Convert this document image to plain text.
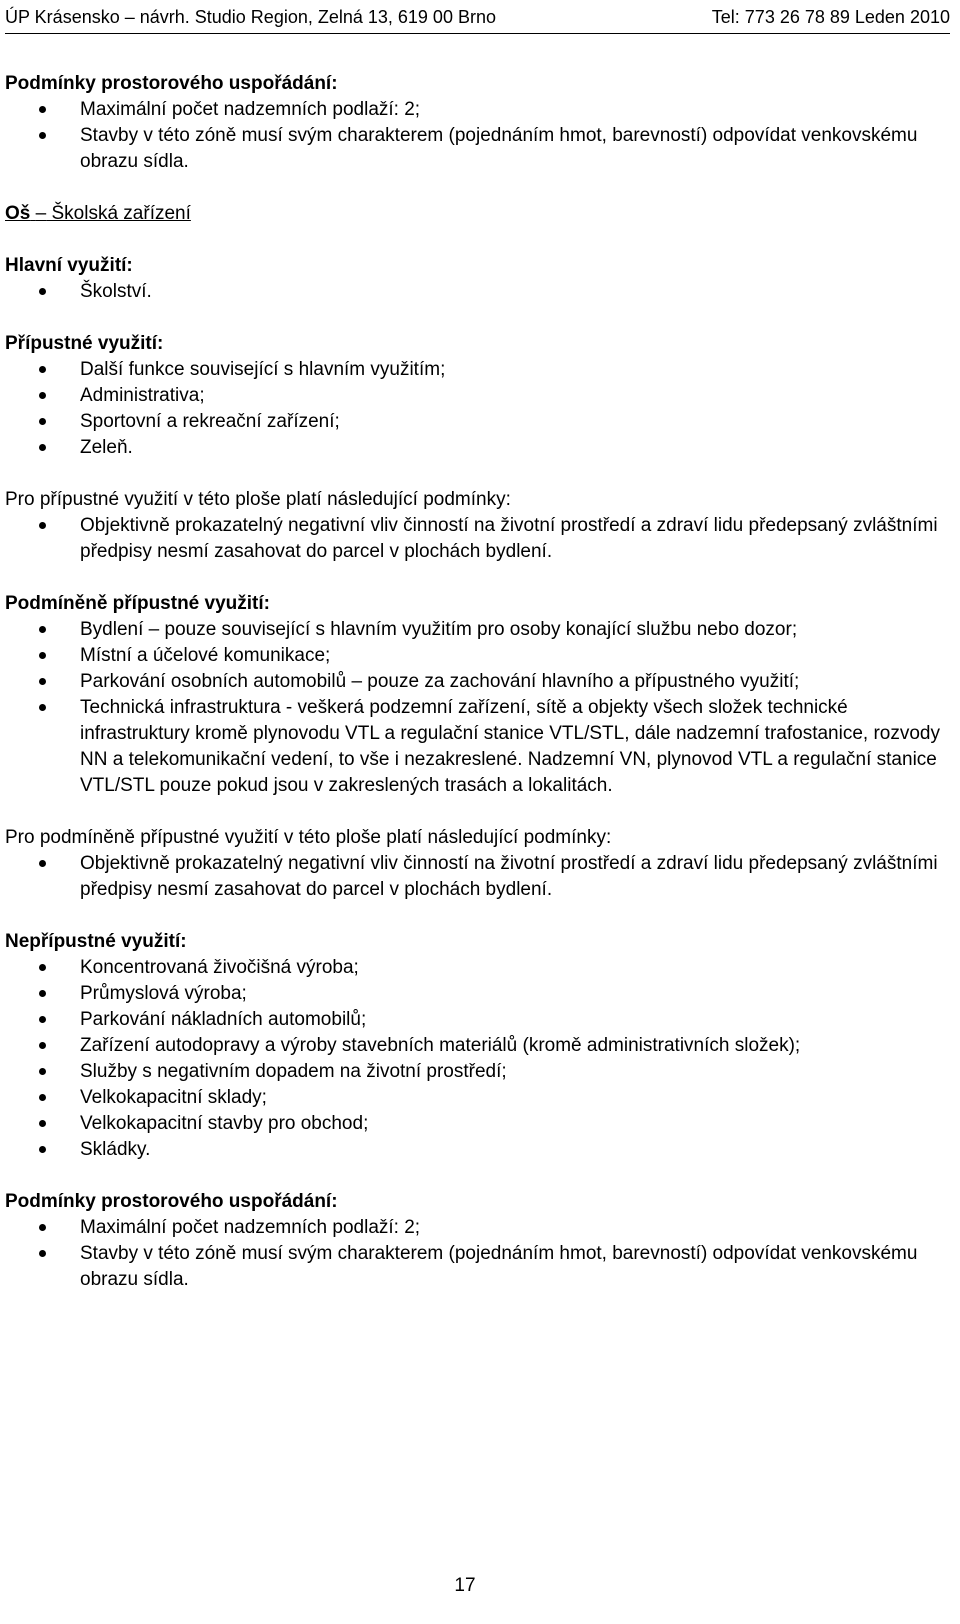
ÚP Krásensko – návrh. Studio Region, Zelná 13, 619 00 Brno	Tel: 773 26 78 89 Leden 2010

Podmínky prostorového uspořádání:

Maximální počet nadzemních podlaží: 2;
Stavby v této zóně musí svým charakterem (pojednáním hmot, barevností) odpovídat venkovskému obrazu sídla.

Oš – Školská zařízení

Hlavní využití:

Školství.

Přípustné využití:

Další funkce související s hlavním využitím;
Administrativa;
Sportovní a rekreační zařízení;
Zeleň.

Pro přípustné využití v této ploše platí následující podmínky:

Objektivně prokazatelný negativní vliv činností na životní prostředí a zdraví lidu předepsaný zvláštními předpisy nesmí zasahovat do parcel v plochách bydlení.

Podmíněně přípustné využití:

Bydlení – pouze související s hlavním využitím pro osoby konající službu nebo dozor;
Místní a účelové komunikace;
Parkování osobních automobilů – pouze za zachování hlavního a přípustného využití;
Technická infrastruktura - veškerá podzemní zařízení, sítě a objekty všech složek technické infrastruktury kromě plynovodu VTL a regulační stanice VTL/STL, dále nadzemní trafostanice, rozvody NN a telekomunikační vedení, to vše i nezakreslené. Nadzemní VN, plynovod VTL a regulační stanice VTL/STL pouze pokud jsou v zakreslených trasách a lokalitách.

Pro podmíněně přípustné využití v této ploše platí následující podmínky:

Objektivně prokazatelný negativní vliv činností na životní prostředí a zdraví lidu předepsaný zvláštními předpisy nesmí zasahovat do parcel v plochách bydlení.

Nepřípustné využití:

Koncentrovaná živočišná výroba;
Průmyslová výroba;
Parkování nákladních automobilů;
Zařízení autodopravy a výroby stavebních materiálů (kromě administrativních složek);
Služby s negativním dopadem na životní prostředí;
Velkokapacitní sklady;
Velkokapacitní stavby pro obchod;
Skládky.

Podmínky prostorového uspořádání:

Maximální počet nadzemních podlaží: 2;
Stavby v této zóně musí svým charakterem (pojednáním hmot, barevností) odpovídat venkovskému obrazu sídla.
17
